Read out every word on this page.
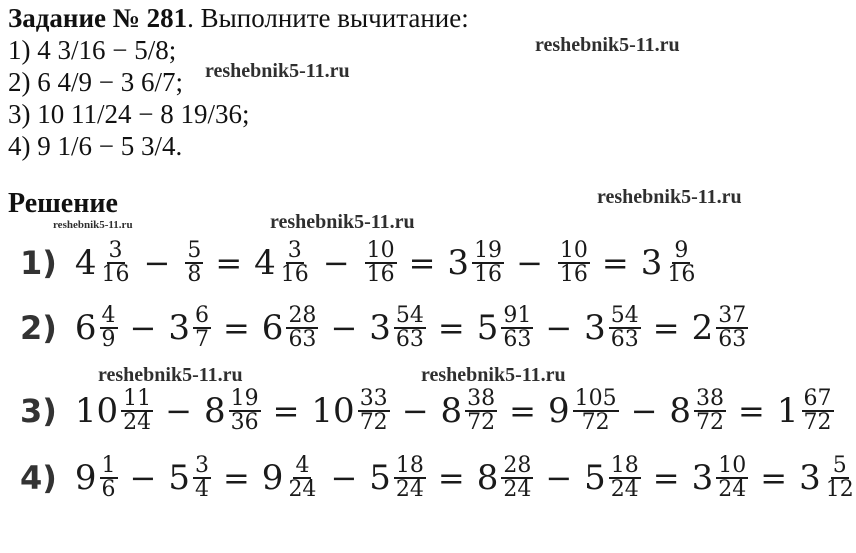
Задание № 281. Выполните вычитание:
1) 4 3/16 − 5/8;
2) 6 4/9 − 3 6/7;
3) 10 11/24 − 8 19/36;
4) 9 1/6 − 5 3/4.
Решение
reshebnik5-11.ru
reshebnik5-11.ru
reshebnik5-11.ru
reshebnik5-11.ru	reshebnik5-11.ru
reshebnik5-11.ru	reshebnik5-11.ru
1) $4 \frac{3}{16} - \frac{5}{8} = 4 \frac{3}{16} - \frac{10}{16} = 3 \frac{19}{16} - \frac{10}{16} = 3 \frac{9}{16}$
2) $6 \frac{4}{9} - 3 \frac{6}{7} = 6 \frac{28}{63} - 3 \frac{54}{63} = 5 \frac{91}{63} - 3 \frac{54}{63} = 2 \frac{37}{63}$
3) $10 \frac{11}{24} - 8 \frac{19}{36} = 10 \frac{33}{72} - 8 \frac{38}{72} = 9 \frac{105}{72} - 8 \frac{38}{72} = 1 \frac{67}{72}$
4) $9 \frac{1}{6} - 5 \frac{3}{4} = 9 \frac{4}{24} - 5 \frac{18}{24} = 8 \frac{28}{24} - 5 \frac{18}{24} = 3 \frac{10}{24} = 3 \frac{5}{12}$
